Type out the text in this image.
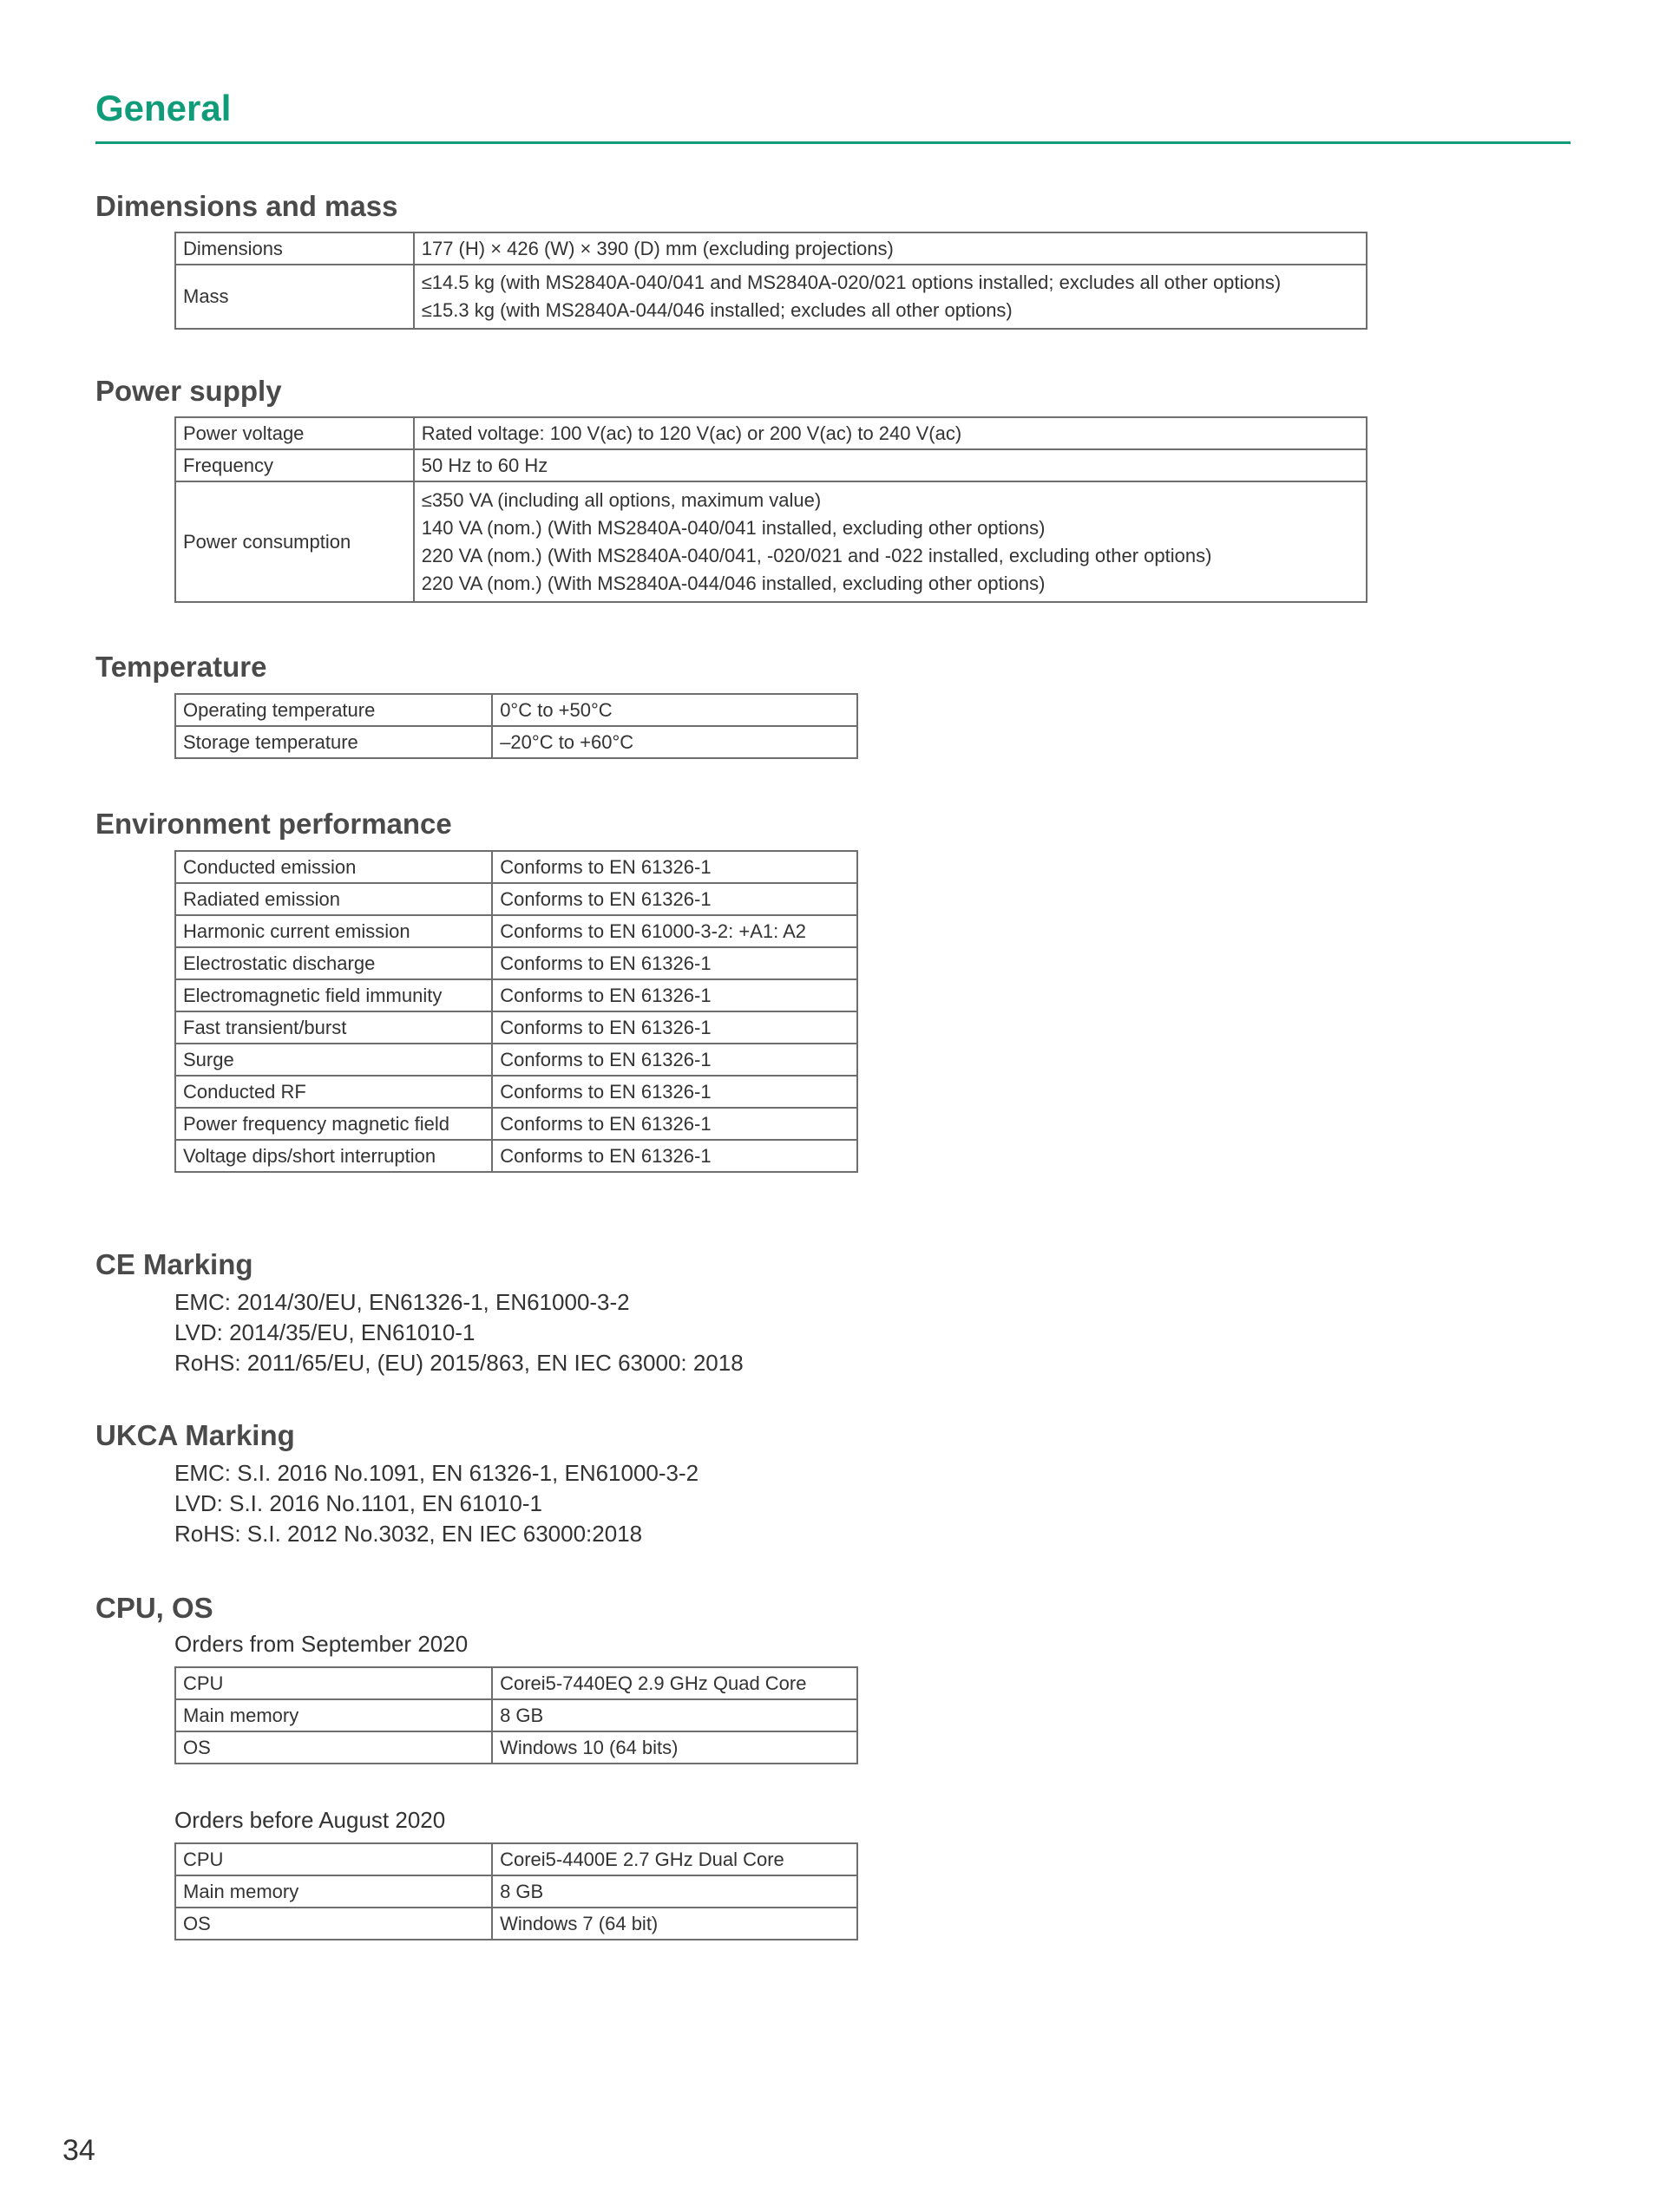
General
Dimensions and mass
Dimensions	177 (H) × 426 (W) × 390 (D) mm (excluding projections)
Mass	≤14.5 kg (with MS2840A-040/041 and MS2840A-020/021 options installed; excludes all other options)
≤15.3 kg (with MS2840A-044/046 installed; excludes all other options)
Power supply
Power voltage	Rated voltage: 100 V(ac) to 120 V(ac) or 200 V(ac) to 240 V(ac)
Frequency	50 Hz to 60 Hz
Power consumption	≤350 VA (including all options, maximum value)
140 VA (nom.) (With MS2840A-040/041 installed, excluding other options)
220 VA (nom.) (With MS2840A-040/041, -020/021 and -022 installed, excluding other options)
220 VA (nom.) (With MS2840A-044/046 installed, excluding other options)
Temperature
Operating temperature	0°C to +50°C
Storage temperature	–20°C to +60°C
Environment performance
Conducted emission	Conforms to EN 61326-1
Radiated emission	Conforms to EN 61326-1
Harmonic current emission	Conforms to EN 61000-3-2: +A1: A2
Electrostatic discharge	Conforms to EN 61326-1
Electromagnetic field immunity	Conforms to EN 61326-1
Fast transient/burst	Conforms to EN 61326-1
Surge	Conforms to EN 61326-1
Conducted RF	Conforms to EN 61326-1
Power frequency magnetic field	Conforms to EN 61326-1
Voltage dips/short interruption	Conforms to EN 61326-1
CE Marking
EMC: 2014/30/EU, EN61326-1, EN61000-3-2
LVD: 2014/35/EU, EN61010-1
RoHS: 2011/65/EU, (EU) 2015/863, EN IEC 63000: 2018
UKCA Marking
EMC: S.I. 2016 No.1091, EN 61326-1, EN61000-3-2
LVD: S.I. 2016 No.1101, EN 61010-1
RoHS: S.I. 2012 No.3032, EN IEC 63000:2018
CPU, OS
Orders from September 2020
CPU	Corei5-7440EQ 2.9 GHz Quad Core
Main memory	8 GB
OS	Windows 10 (64 bits)
Orders before August 2020
CPU	Corei5-4400E 2.7 GHz Dual Core
Main memory	8 GB
OS	Windows 7 (64 bit)
34
